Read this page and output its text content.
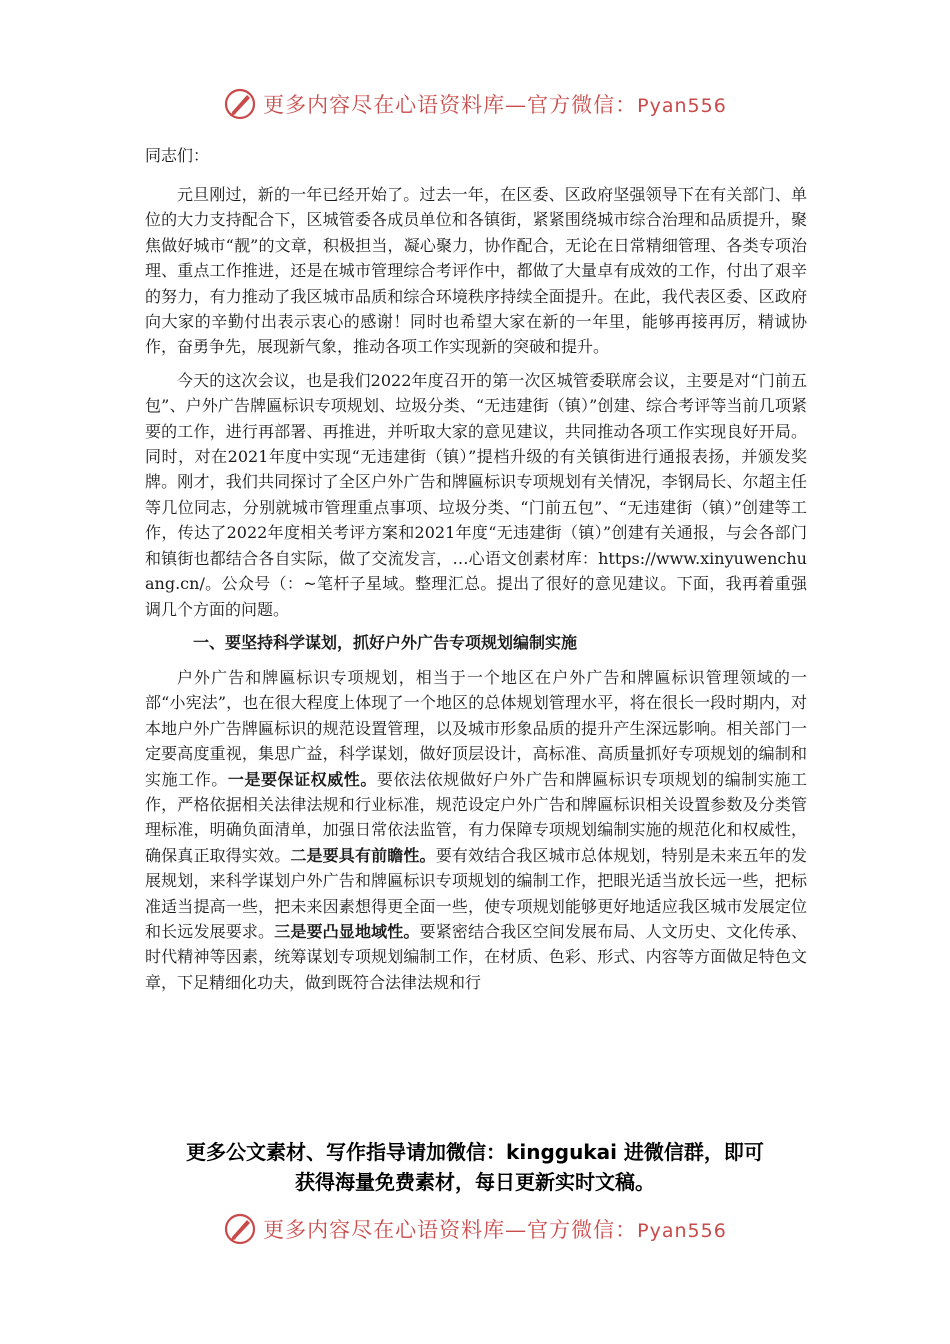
更多内容尽在心语资料库—官方微信：Pyan556

同志们：

元旦刚过，新的一年已经开始了。过去一年，在区委、区政府坚强领导下在有关部门、单位的大力支持配合下，区城管委各成员单位和各镇街，紧紧围绕城市综合治理和品质提升，聚焦做好城市“靓”的文章，积极担当，凝心聚力，协作配合，无论在日常精细管理、各类专项治理、重点工作推进，还是在城市管理综合考评作中，都做了大量卓有成效的工作，付出了艰辛的努力，有力推动了我区城市品质和综合环境秩序持续全面提升。在此，我代表区委、区政府向大家的辛勤付出表示衷心的感谢！同时也希望大家在新的一年里，能够再接再厉，精诚协作，奋勇争先，展现新气象，推动各项工作实现新的突破和提升。

今天的这次会议，也是我们2022年度召开的第一次区城管委联席会议，主要是对“门前五包”、户外广告牌匾标识专项规划、垃圾分类、“无违建街（镇）”创建、综合考评等当前几项紧要的工作，进行再部署、再推进，并听取大家的意见建议，共同推动各项工作实现良好开局。同时，对在2021年度中实现“无违建街（镇）”提档升级的有关镇街进行通报表扬，并颁发奖牌。刚才，我们共同探讨了全区户外广告和牌匾标识专项规划有关情况，李钢局长、尔超主任等几位同志，分别就城市管理重点事项、垃圾分类、“门前五包”、“无违建街（镇）”创建等工作，传达了2022年度相关考评方案和2021年度“无违建街（镇）”创建有关通报，与会各部门和镇街也都结合各自实际，做了交流发言，…心语文创素材库：https://www.xinyuwenchuang.cn/。公众号（：~笔杆子星域。整理汇总。提出了很好的意见建议。下面，我再着重强调几个方面的问题。

一、要坚持科学谋划，抓好户外广告专项规划编制实施

户外广告和牌匾标识专项规划，相当于一个地区在户外广告和牌匾标识管理领域的一部“小宪法”，也在很大程度上体现了一个地区的总体规划管理水平，将在很长一段时期内，对本地户外广告牌匾标识的规范设置管理，以及城市形象品质的提升产生深远影响。相关部门一定要高度重视，集思广益，科学谋划，做好顶层设计，高标准、高质量抓好专项规划的编制和实施工作。一是要保证权威性。要依法依规做好户外广告和牌匾标识专项规划的编制实施工作，严格依据相关法律法规和行业标准，规范设定户外广告和牌匾标识相关设置参数及分类管理标准，明确负面清单，加强日常依法监管，有力保障专项规划编制实施的规范化和权威性，确保真正取得实效。二是要具有前瞻性。要有效结合我区城市总体规划，特别是未来五年的发展规划，来科学谋划户外广告和牌匾标识专项规划的编制工作，把眼光适当放长远一些，把标准适当提高一些，把未来因素想得更全面一些，使专项规划能够更好地适应我区城市发展定位和长远发展要求。三是要凸显地域性。要紧密结合我区空间发展布局、人文历史、文化传承、时代精神等因素，统筹谋划专项规划编制工作，在材质、色彩、形式、内容等方面做足特色文章，下足精细化功夫，做到既符合法律法规和行

更多公文素材、写作指导请加微信：kinggukai 进微信群，即可
获得海量免费素材，每日更新实时文稿。
更多内容尽在心语资料库—官方微信：Pyan556
